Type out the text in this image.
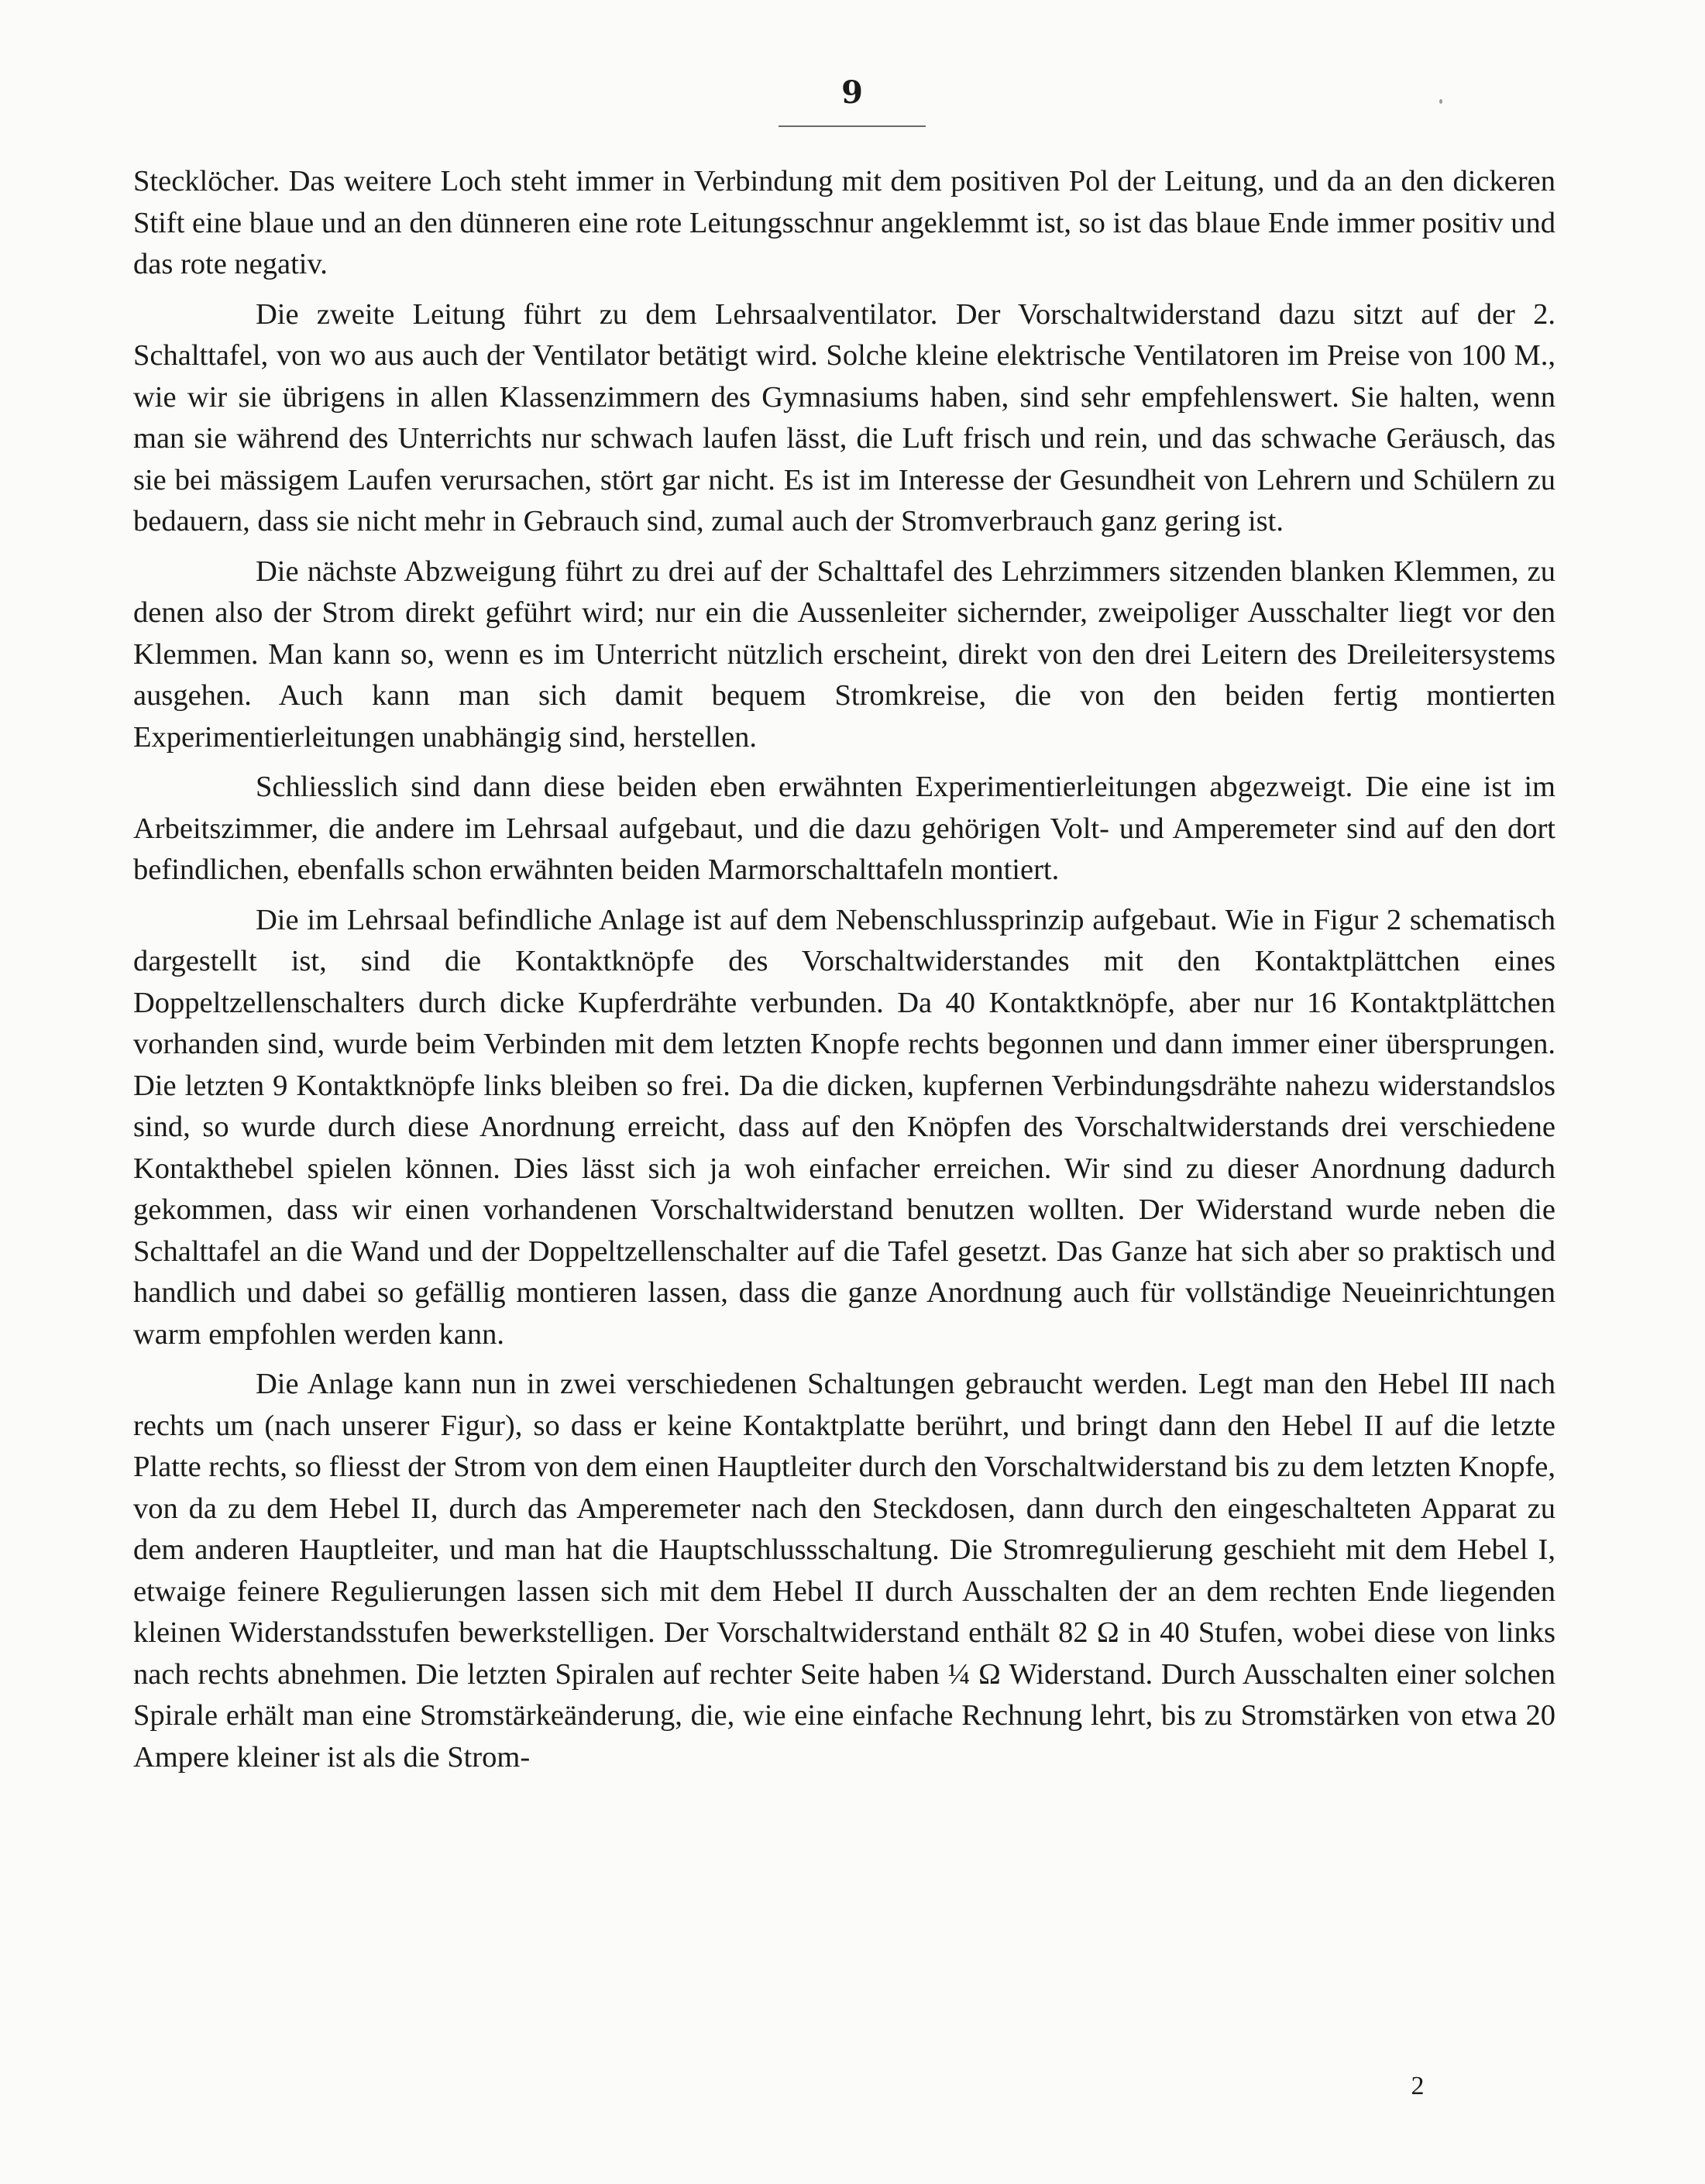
9

Stecklöcher. Das weitere Loch steht immer in Verbindung mit dem positiven Pol der Leitung, und da an den dickeren Stift eine blaue und an den dünneren eine rote Leitungsschnur angeklemmt ist, so ist das blaue Ende immer positiv und das rote negativ.

Die zweite Leitung führt zu dem Lehrsaalventilator. Der Vorschaltwiderstand dazu sitzt auf der 2. Schalttafel, von wo aus auch der Ventilator betätigt wird. Solche kleine elektrische Ventilatoren im Preise von 100 M., wie wir sie übrigens in allen Klassenzimmern des Gymnasiums haben, sind sehr empfehlenswert. Sie halten, wenn man sie während des Unterrichts nur schwach laufen lässt, die Luft frisch und rein, und das schwache Geräusch, das sie bei mässigem Laufen verursachen, stört gar nicht. Es ist im Interesse der Gesundheit von Lehrern und Schülern zu bedauern, dass sie nicht mehr in Gebrauch sind, zumal auch der Stromverbrauch ganz gering ist.

Die nächste Abzweigung führt zu drei auf der Schalttafel des Lehrzimmers sitzenden blanken Klemmen, zu denen also der Strom direkt geführt wird; nur ein die Aussenleiter sichernder, zweipoliger Ausschalter liegt vor den Klemmen. Man kann so, wenn es im Unterricht nützlich erscheint, direkt von den drei Leitern des Dreileitersystems ausgehen. Auch kann man sich damit bequem Stromkreise, die von den beiden fertig montierten Experimentierleitungen unabhängig sind, herstellen.

Schliesslich sind dann diese beiden eben erwähnten Experimentierleitungen abgezweigt. Die eine ist im Arbeitszimmer, die andere im Lehrsaal aufgebaut, und die dazu gehörigen Volt- und Amperemeter sind auf den dort befindlichen, ebenfalls schon erwähnten beiden Marmorschalttafeln montiert.

Die im Lehrsaal befindliche Anlage ist auf dem Nebenschlussprinzip aufgebaut. Wie in Figur 2 schematisch dargestellt ist, sind die Kontaktknöpfe des Vorschaltwiderstandes mit den Kontaktplättchen eines Doppeltzellenschalters durch dicke Kupferdrähte verbunden. Da 40 Kontaktknöpfe, aber nur 16 Kontaktplättchen vorhanden sind, wurde beim Verbinden mit dem letzten Knopfe rechts begonnen und dann immer einer übersprungen. Die letzten 9 Kontaktknöpfe links bleiben so frei. Da die dicken, kupfernen Verbindungsdrähte nahezu widerstandslos sind, so wurde durch diese Anordnung erreicht, dass auf den Knöpfen des Vorschaltwiderstands drei verschiedene Kontakthebel spielen können. Dies lässt sich ja woh einfacher erreichen. Wir sind zu dieser Anordnung dadurch gekommen, dass wir einen vorhandenen Vorschaltwiderstand benutzen wollten. Der Widerstand wurde neben die Schalttafel an die Wand und der Doppeltzellenschalter auf die Tafel gesetzt. Das Ganze hat sich aber so praktisch und handlich und dabei so gefällig montieren lassen, dass die ganze Anordnung auch für vollständige Neueinrichtungen warm empfohlen werden kann.

Die Anlage kann nun in zwei verschiedenen Schaltungen gebraucht werden. Legt man den Hebel III nach rechts um (nach unserer Figur), so dass er keine Kontaktplatte berührt, und bringt dann den Hebel II auf die letzte Platte rechts, so fliesst der Strom von dem einen Hauptleiter durch den Vorschaltwiderstand bis zu dem letzten Knopfe, von da zu dem Hebel II, durch das Amperemeter nach den Steckdosen, dann durch den eingeschalteten Apparat zu dem anderen Hauptleiter, und man hat die Hauptschlussschaltung. Die Stromregulierung geschieht mit dem Hebel I, etwaige feinere Regulierungen lassen sich mit dem Hebel II durch Ausschalten der an dem rechten Ende liegenden kleinen Widerstandsstufen bewerkstelligen. Der Vorschaltwiderstand enthält 82 Ω in 40 Stufen, wobei diese von links nach rechts abnehmen. Die letzten Spiralen auf rechter Seite haben ¼ Ω Widerstand. Durch Ausschalten einer solchen Spirale erhält man eine Stromstärkeänderung, die, wie eine einfache Rechnung lehrt, bis zu Stromstärken von etwa 20 Ampere kleiner ist als die Strom-

2
